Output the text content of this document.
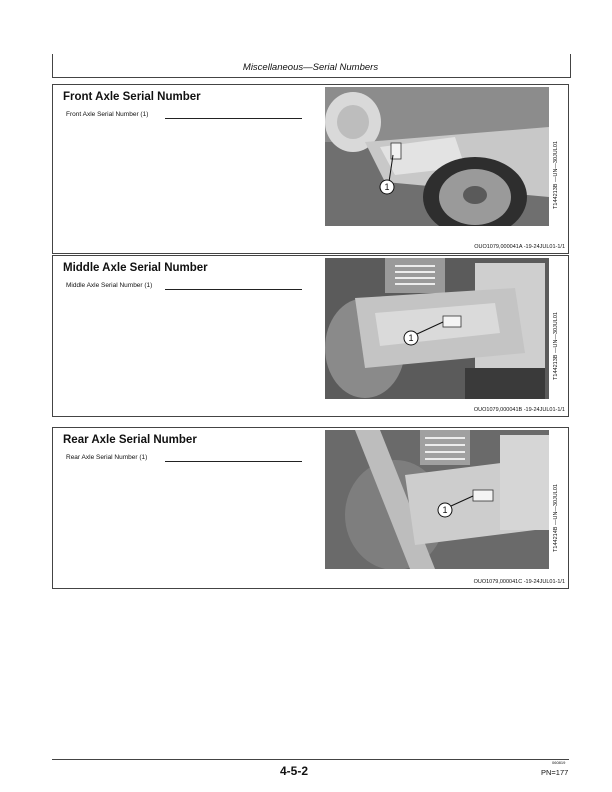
Miscellaneous—Serial Numbers
Front Axle Serial Number
Front Axle Serial Number (1)
1	T144213B —UN—30JUL01
OUO1079,000041A -19-24JUL01-1/1
Middle Axle Serial Number
Middle Axle Serial Number (1)
1	T144213B —UN—30JUL01
OUO1079,000041B -19-24JUL01-1/1
Rear Axle Serial Number
Rear Axle Serial Number (1)
1	T144214B —UN—30JUL01
OUO1079,000041C -19-24JUL01-1/1
4-5-2
060819
PN=177
